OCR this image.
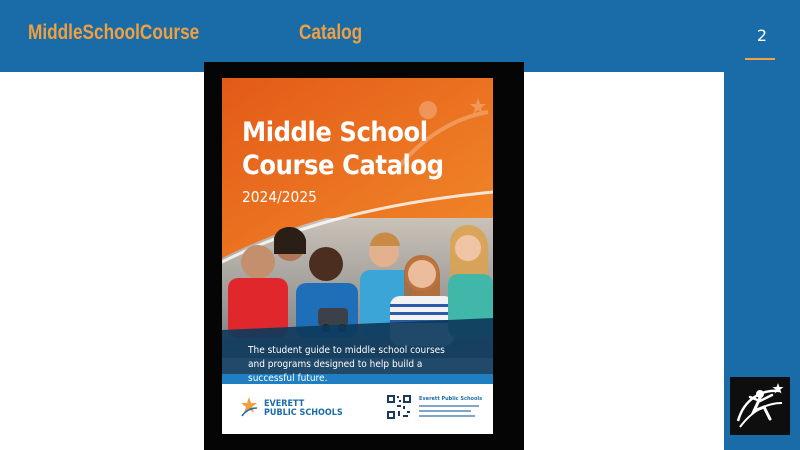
MiddleSchoolCourse	Catalog	2
Middle School
Course Catalog
2024/2025
The student guide to middle school courses and programs designed to help build a successful future.
EVERETT
PUBLIC SCHOOLS
Everett Public Schools
